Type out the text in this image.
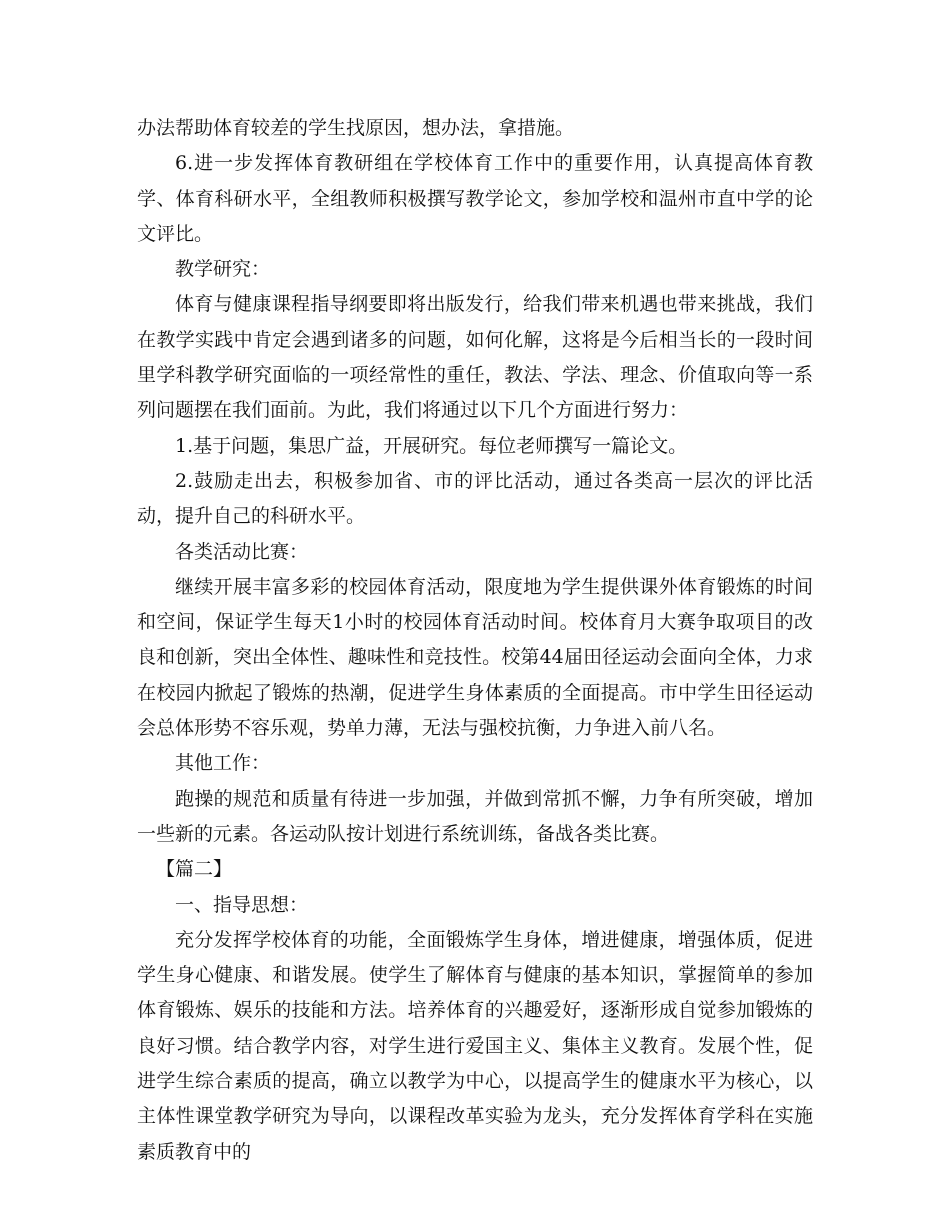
办法帮助体育较差的学生找原因，想办法，拿措施。

6.进一步发挥体育教研组在学校体育工作中的重要作用，认真提高体育教学、体育科研水平，全组教师积极撰写教学论文，参加学校和温州市直中学的论文评比。

教学研究：

体育与健康课程指导纲要即将出版发行，给我们带来机遇也带来挑战，我们在教学实践中肯定会遇到诸多的问题，如何化解，这将是今后相当长的一段时间里学科教学研究面临的一项经常性的重任，教法、学法、理念、价值取向等一系列问题摆在我们面前。为此，我们将通过以下几个方面进行努力：

1.基于问题，集思广益，开展研究。每位老师撰写一篇论文。

2.鼓励走出去，积极参加省、市的评比活动，通过各类高一层次的评比活动，提升自己的科研水平。

各类活动比赛：

继续开展丰富多彩的校园体育活动，限度地为学生提供课外体育锻炼的时间和空间，保证学生每天1小时的校园体育活动时间。校体育月大赛争取项目的改良和创新，突出全体性、趣味性和竞技性。校第44届田径运动会面向全体，力求在校园内掀起了锻炼的热潮，促进学生身体素质的全面提高。市中学生田径运动会总体形势不容乐观，势单力薄，无法与强校抗衡，力争进入前八名。

其他工作：

跑操的规范和质量有待进一步加强，并做到常抓不懈，力争有所突破，增加一些新的元素。各运动队按计划进行系统训练，备战各类比赛。

【篇二】

一、指导思想：

充分发挥学校体育的功能，全面锻炼学生身体，增进健康，增强体质，促进学生身心健康、和谐发展。使学生了解体育与健康的基本知识，掌握简单的参加体育锻炼、娱乐的技能和方法。培养体育的兴趣爱好，逐渐形成自觉参加锻炼的良好习惯。结合教学内容，对学生进行爱国主义、集体主义教育。发展个性，促进学生综合素质的提高，确立以教学为中心，以提高学生的健康水平为核心，以主体性课堂教学研究为导向，以课程改革实验为龙头，充分发挥体育学科在实施素质教育中的
